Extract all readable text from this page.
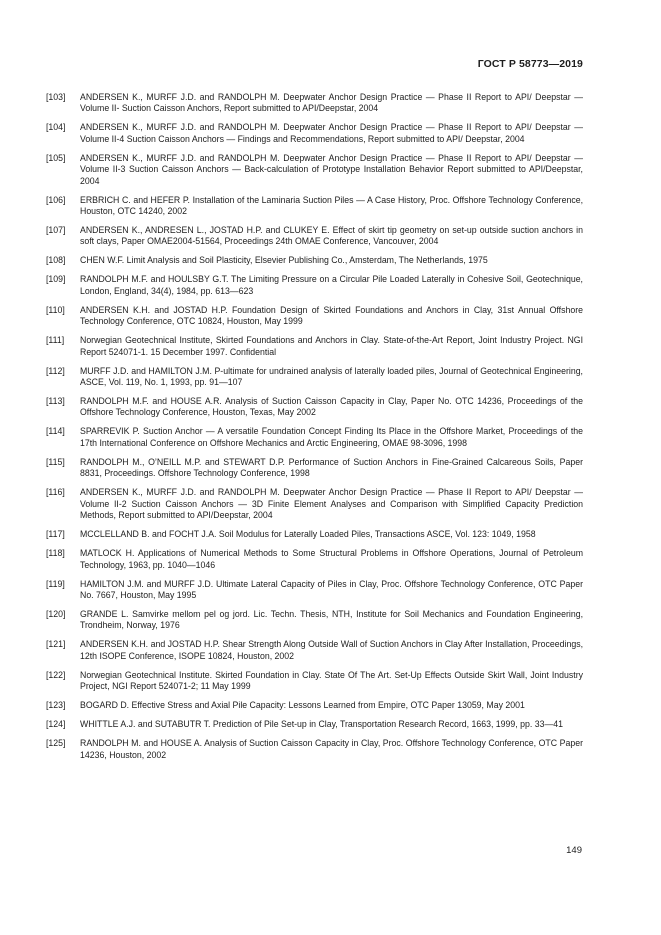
ГОСТ Р 58773—2019
[103]	ANDERSEN K., MURFF J.D. and RANDOLPH M. Deepwater Anchor Design Practice — Phase II Report to API/ Deepstar — Volume II- Suction Caisson Anchors, Report submitted to API/Deepstar, 2004
[104]	ANDERSEN K., MURFF J.D. and RANDOLPH M. Deepwater Anchor Design Practice — Phase II Report to API/ Deepstar — Volume II-4 Suction Caisson Anchors — Findings and Recommendations, Report submitted to API/ Deepstar, 2004
[105]	ANDERSEN K., MURFF J.D. and RANDOLPH M. Deepwater Anchor Design Practice — Phase II Report to API/ Deepstar — Volume II-3 Suction Caisson Anchors — Back-calculation of Prototype Installation Behavior Report submitted to API/Deepstar, 2004
[106]	ERBRICH C. and HEFER P. Installation of the Laminaria Suction Piles — A Case History, Proc. Offshore Technology Conference, Houston, OTC 14240, 2002
[107]	ANDERSEN K., ANDRESEN L., JOSTAD H.P. and CLUKEY E. Effect of skirt tip geometry on set-up outside suction anchors in soft clays, Paper OMAE2004-51564, Proceedings 24th OMAE Conference, Vancouver, 2004
[108]	CHEN W.F. Limit Analysis and Soil Plasticity, Elsevier Publishing Co., Amsterdam, The Netherlands, 1975
[109]	RANDOLPH M.F. and HOULSBY G.T. The Limiting Pressure on a Circular Pile Loaded Laterally in Cohesive Soil, Geotechnique, London, England, 34(4), 1984, pp. 613—623
[110]	ANDERSEN K.H. and JOSTAD H.P. Foundation Design of Skirted Foundations and Anchors in Clay, 31st Annual Offshore Technology Conference, OTC 10824, Houston, May 1999
[111]	Norwegian Geotechnical Institute, Skirted Foundations and Anchors in Clay. State-of-the-Art Report, Joint Industry Project. NGI Report 524071-1. 15 December 1997. Confidential
[112]	MURFF J.D. and HAMILTON J.M. P-ultimate for undrained analysis of laterally loaded piles, Journal of Geotechnical Engineering, ASCE, Vol. 119, No. 1, 1993, pp. 91—107
[113]	RANDOLPH M.F. and HOUSE A.R. Analysis of Suction Caisson Capacity in Clay, Paper No. OTC 14236, Proceedings of the Offshore Technology Conference, Houston, Texas, May 2002
[114]	SPARREVIK P. Suction Anchor — A versatile Foundation Concept Finding Its Place in the Offshore Market, Proceedings of the 17th International Conference on Offshore Mechanics and Arctic Engineering, OMAE 98-3096, 1998
[115]	RANDOLPH M., O’NEILL M.P. and STEWART D.P. Performance of Suction Anchors in Fine-Grained Calcareous Soils, Paper 8831, Proceedings. Offshore Technology Conference, 1998
[116]	ANDERSEN K., MURFF J.D. and RANDOLPH M. Deepwater Anchor Design Practice — Phase II Report to API/ Deepstar — Volume II-2 Suction Caisson Anchors — 3D Finite Element Analyses and Comparison with Simplified Capacity Prediction Methods, Report submitted to API/Deepstar, 2004
[117]	MCCLELLAND B. and FOCHT J.A. Soil Modulus for Laterally Loaded Piles, Transactions ASCE, Vol. 123: 1049, 1958
[118]	MATLOCK H. Applications of Numerical Methods to Some Structural Problems in Offshore Operations, Journal of Petroleum Technology, 1963, pp. 1040—1046
[119]	HAMILTON J.M. and MURFF J.D. Ultimate Lateral Capacity of Piles in Clay, Proc. Offshore Technology Conference, OTC Paper No. 7667, Houston, May 1995
[120]	GRANDE L. Samvirke mellom pel og jord. Lic. Techn. Thesis, NTH, Institute for Soil Mechanics and Foundation Engineering, Trondheim, Norway, 1976
[121]	ANDERSEN K.H. and JOSTAD H.P. Shear Strength Along Outside Wall of Suction Anchors in Clay After Installation, Proceedings, 12th ISOPE Conference, ISOPE 10824, Houston, 2002
[122]	Norwegian Geotechnical Institute. Skirted Foundation in Clay. State Of The Art. Set-Up Effects Outside Skirt Wall, Joint Industry Project, NGI Report 524071-2; 11 May 1999
[123]	BOGARD D. Effective Stress and Axial Pile Capacity: Lessons Learned from Empire, OTC Paper 13059, May 2001
[124]	WHITTLE A.J. and SUTABUTR T. Prediction of Pile Set-up in Clay, Transportation Research Record, 1663, 1999, pp. 33—41
[125]	RANDOLPH M. and HOUSE A. Analysis of Suction Caisson Capacity in Clay, Proc. Offshore Technology Conference, OTC Paper 14236, Houston, 2002
149
